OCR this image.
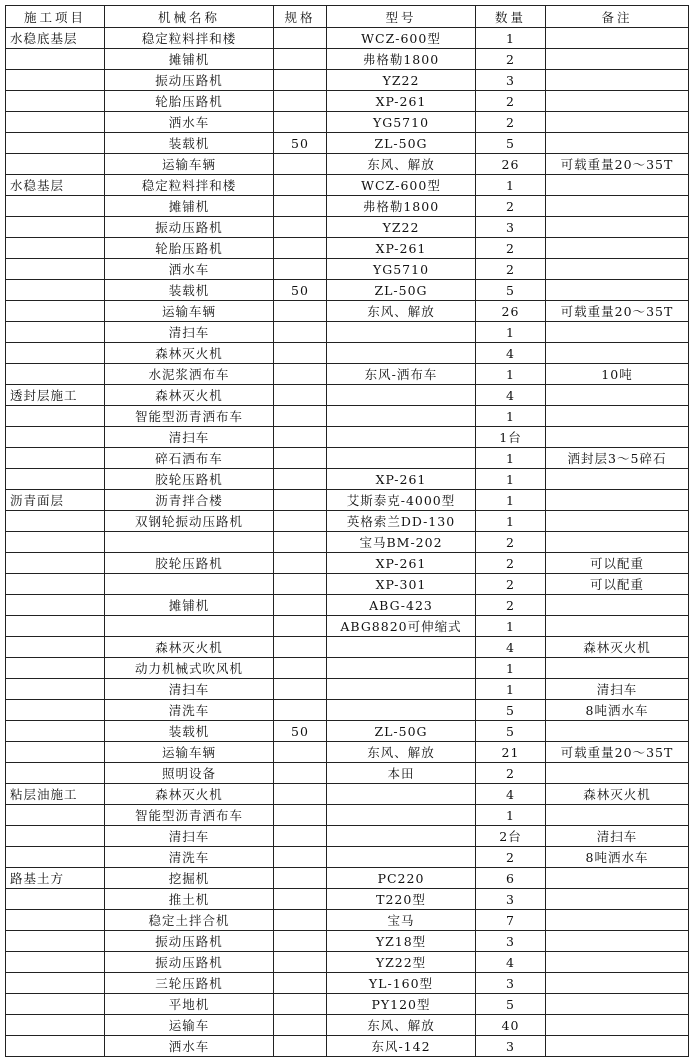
施工项目	机械名称	规格	型号	数量	备注
水稳底基层	稳定粒料拌和楼		WCZ-600型	1	
	摊铺机		弗格勒1800	2	
	振动压路机		YZ22	3	
	轮胎压路机		XP-261	2	
	洒水车		YG5710	2	
	装载机	50	ZL-50G	5	
	运输车辆		东风、解放	26	可载重量20～35T
水稳基层	稳定粒料拌和楼		WCZ-600型	1	
	摊铺机		弗格勒1800	2	
	振动压路机		YZ22	3	
	轮胎压路机		XP-261	2	
	洒水车		YG5710	2	
	装载机	50	ZL-50G	5	
	运输车辆		东风、解放	26	可载重量20～35T
	清扫车			1	
	森林灭火机			4	
	水泥浆洒布车		东风-洒布车	1	10吨
透封层施工	森林灭火机			4	
	智能型沥青洒布车			1	
	清扫车			1台	
	碎石洒布车			1	洒封层3～5碎石
	胶轮压路机		XP-261	1	
沥青面层	沥青拌合楼		艾斯泰克-4000型	1	
	双钢轮振动压路机		英格索兰DD-130	1	
			宝马BM-202	2	
	胶轮压路机		XP-261	2	可以配重
			XP-301	2	可以配重
	摊铺机		ABG-423	2	
			ABG8820可伸缩式	1	
	森林灭火机			4	森林灭火机
	动力机械式吹风机			1	
	清扫车			1	清扫车
	清洗车			5	8吨洒水车
	装载机	50	ZL-50G	5	
	运输车辆		东风、解放	21	可载重量20～35T
	照明设备		本田	2	
粘层油施工	森林灭火机			4	森林灭火机
	智能型沥青洒布车			1	
	清扫车			2台	清扫车
	清洗车			2	8吨洒水车
路基土方	挖掘机		PC220	6	
	推土机		T220型	3	
	稳定土拌合机		宝马	7	
	振动压路机		YZ18型	3	
	振动压路机		YZ22型	4	
	三轮压路机		YL-160型	3	
	平地机		PY120型	5	
	运输车		东风、解放	40	
	洒水车		东风-142	3	
